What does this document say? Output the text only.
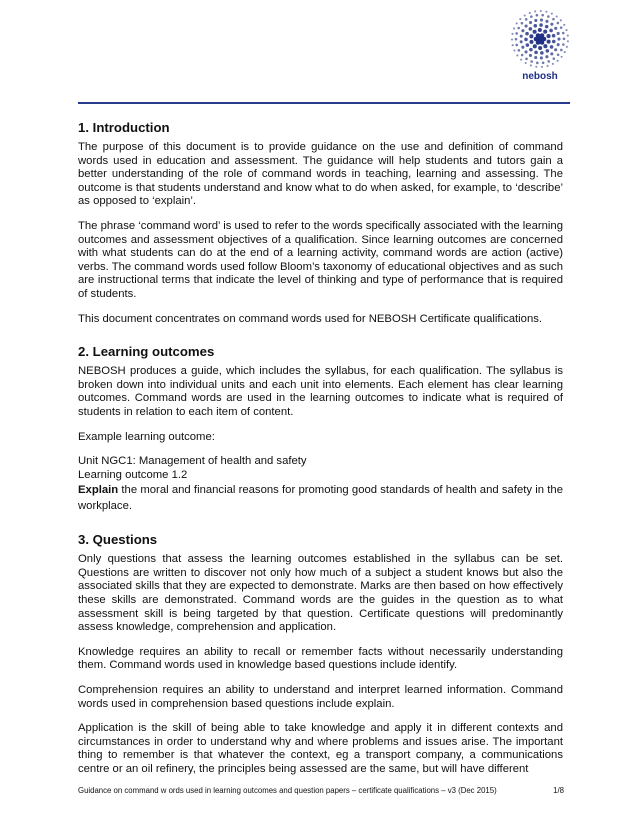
nebosh
1. Introduction

The purpose of this document is to provide guidance on the use and definition of command words used in education and assessment. The guidance will help students and tutors gain a better understanding of the role of command words in teaching, learning and assessing. The outcome is that students understand and know what to do when asked, for example, to ‘describe’ as opposed to ‘explain’.

The phrase ‘command word’ is used to refer to the words specifically associated with the learning outcomes and assessment objectives of a qualification. Since learning outcomes are concerned with what students can do at the end of a learning activity, command words are action (active) verbs. The command words used follow Bloom’s taxonomy of educational objectives and as such are instructional terms that indicate the level of thinking and type of performance that is required of students.

This document concentrates on command words used for NEBOSH Certificate qualifications.

2. Learning outcomes

NEBOSH produces a guide, which includes the syllabus, for each qualification. The syllabus is broken down into individual units and each unit into elements. Each element has clear learning outcomes. Command words are used in the learning outcomes to indicate what is required of students in relation to each item of content.

Example learning outcome:

Unit NGC1: Management of health and safety

Learning outcome 1.2

Explain the moral and financial reasons for promoting good standards of health and safety in the workplace.

3. Questions

Only questions that assess the learning outcomes established in the syllabus can be set. Questions are written to discover not only how much of a subject a student knows but also the associated skills that they are expected to demonstrate. Marks are then based on how effectively these skills are demonstrated. Command words are the guides in the question as to what assessment skill is being targeted by that question. Certificate questions will predominantly assess knowledge, comprehension and application.

Knowledge requires an ability to recall or remember facts without necessarily understanding them. Command words used in knowledge based questions include identify.

Comprehension requires an ability to understand and interpret learned information. Command words used in comprehension based questions include explain.

Application is the skill of being able to take knowledge and apply it in different contexts and circumstances in order to understand why and where problems and issues arise. The important thing to remember is that whatever the context, eg a transport company, a communications centre or an oil refinery, the principles being assessed are the same, but will have different

Guidance on command w ords used in learning outcomes and question papers – certificate qualifications – v3 (Dec 2015)	1/8
